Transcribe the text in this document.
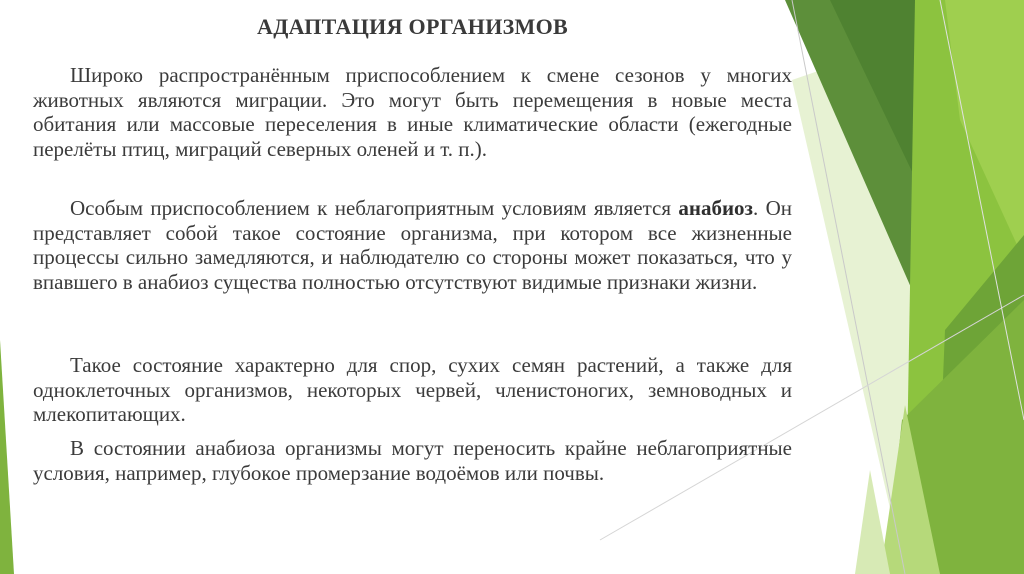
АДАПТАЦИЯ ОРГАНИЗМОВ

Широко распространённым приспособлением к смене сезонов у многих животных являются миграции. Это могут быть перемещения в новые места обитания или массовые переселения в иные климатические области (ежегодные перелёты птиц, миграций северных оленей и т. п.).

Особым приспособлением к неблагоприятным условиям является анабиоз. Он представляет собой такое состояние организма, при котором все жизненные процессы сильно замедляются, и наблюдателю со стороны может показаться, что у впавшего в анабиоз существа полностью отсутствуют видимые признаки жизни.

Такое состояние характерно для спор, сухих семян растений, а также для одноклеточных организмов, некоторых червей, членистоногих, земноводных и млекопитающих.

В состоянии анабиоза организмы могут переносить крайне неблагоприятные условия, например, глубокое промерзание водоёмов или почвы.
